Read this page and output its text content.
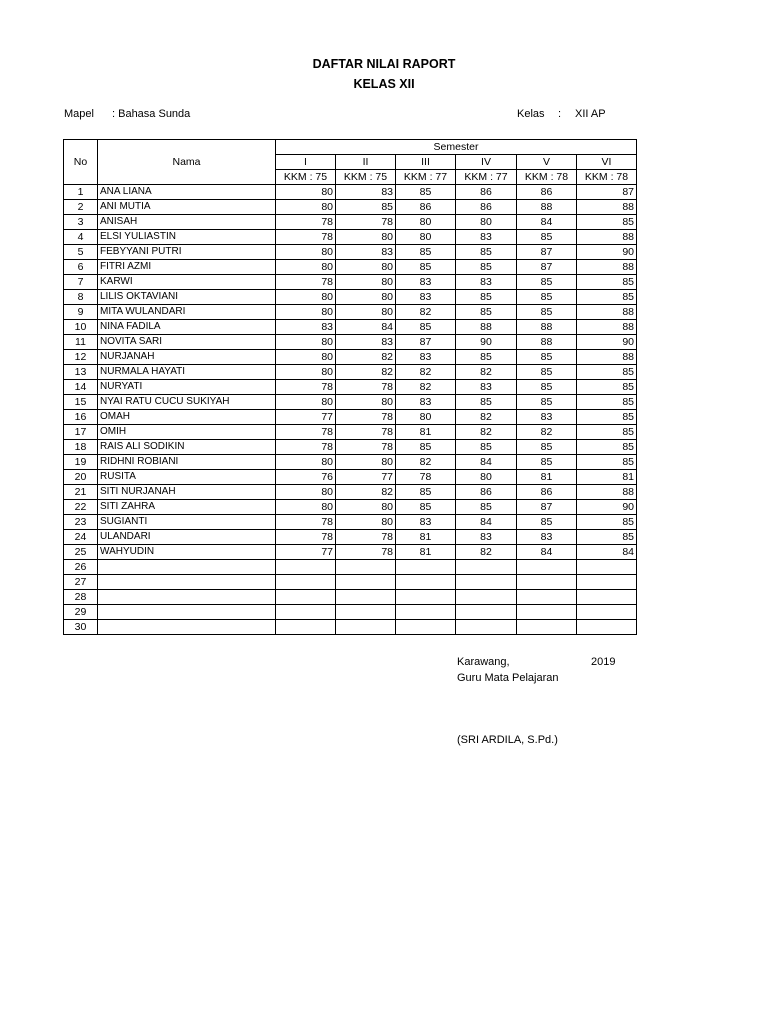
DAFTAR NILAI RAPORT
KELAS XII
Mapel : Bahasa Sunda	Kelas : XII AP
No	Nama	Semester					
		I	II	III	IV	V	VI
		KKM : 75	KKM : 75	KKM : 77	KKM : 77	KKM : 78	KKM : 78
1	ANA LIANA	80	83	85	86	86	87
2	ANI MUTIA	80	85	86	86	88	88
3	ANISAH	78	78	80	80	84	85
4	ELSI YULIASTIN	78	80	80	83	85	88
5	FEBYYANI PUTRI	80	83	85	85	87	90
6	FITRI AZMI	80	80	85	85	87	88
7	KARWI	78	80	83	83	85	85
8	LILIS OKTAVIANI	80	80	83	85	85	85
9	MITA WULANDARI	80	80	82	85	85	88
10	NINA FADILA	83	84	85	88	88	88
11	NOVITA SARI	80	83	87	90	88	90
12	NURJANAH	80	82	83	85	85	88
13	NURMALA HAYATI	80	82	82	82	85	85
14	NURYATI	78	78	82	83	85	85
15	NYAI RATU CUCU SUKIYAH	80	80	83	85	85	85
16	OMAH	77	78	80	82	83	85
17	OMIH	78	78	81	82	82	85
18	RAIS ALI SODIKIN	78	78	85	85	85	85
19	RIDHNI ROBIANI	80	80	82	84	85	85
20	RUSITA	76	77	78	80	81	81
21	SITI NURJANAH	80	82	85	86	86	88
22	SITI ZAHRA	80	80	85	85	87	90
23	SUGIANTI	78	80	83	84	85	85
24	ULANDARI	78	78	81	83	83	85
25	WAHYUDIN	77	78	81	82	84	84
26							
27							
28							
29							
30							
Karawang,	2019
Guru Mata Pelajaran
(SRI ARDILA, S.Pd.)
